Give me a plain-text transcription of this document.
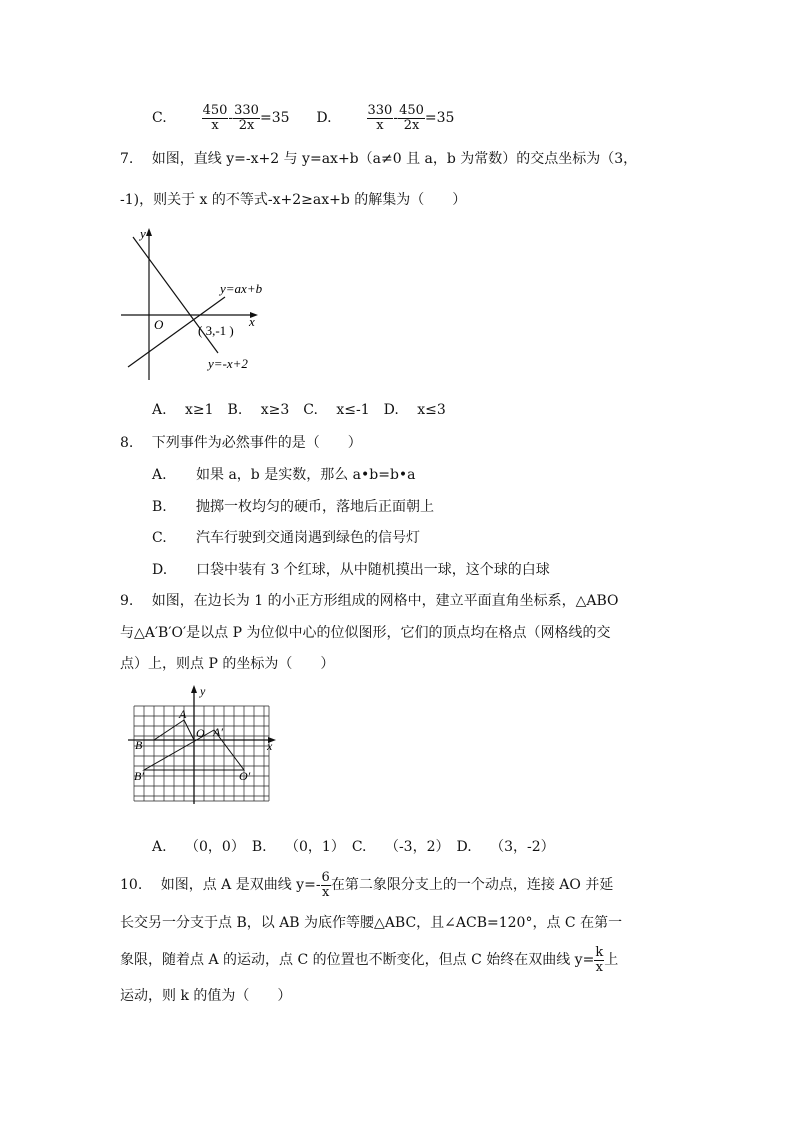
C.	$\frac{450}{x} - \frac{330}{2x} =35$ D.	$\frac{330}{x} - \frac{450}{2x} =35$
7.　 如图，直线 y=-x+2 与 y=ax+b（a≠0 且 a，b 为常数）的交点坐标为（3，
-1)，则关于 x 的不等式-x+2≥ax+b 的解集为（　　）
y
x
O
y=ax+b
y=-x+2
( 3,-1 )
A.　 x≥1　B.　 x≥3　C.　 x≤-1　D.　 x≤3
8.　 下列事件为必然事件的是（　　）
A. 如果 a，b 是实数，那么 a•b=b•a
B. 抛掷一枚均匀的硬币，落地后正面朝上
C. 汽车行驶到交通岗遇到绿色的信号灯
D. 口袋中装有 3 个红球，从中随机摸出一球，这个球的白球
9.　 如图，在边长为 1 的小正方形组成的网格中，建立平面直角坐标系，△ABO
与△A′B′O′是以点 P 为位似中心的位似图形，它们的顶点均在格点（网格线的交
点）上，则点 P 的坐标为（　　）
A
B
O A′
B′	O′
y
x
A.　 （0，0）　B.　 （0，1）　C.　 （-3，2）　D.　 （3，-2）
10.　 如图，点 A 是双曲线 $y=- \frac{6}{x}$ 在第二象限分支上的一个动点，连接 AO 并延
长交另一分支于点 B，以 AB 为底作等腰△ABC，且∠ACB=120°，点 C 在第一
象限，随着点 A 的运动，点 C 的位置也不断变化，但点 C 始终在双曲线 $y= \frac{k}{x}$ 上
运动，则 k 的值为（　　）
